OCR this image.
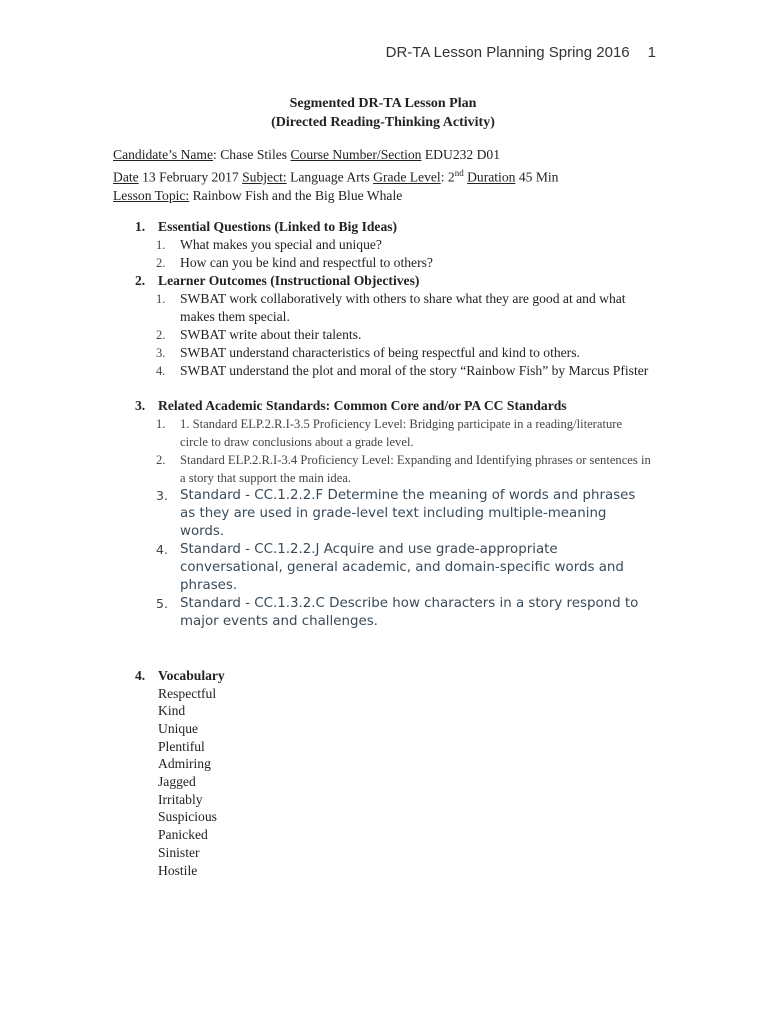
DR-TA Lesson Planning Spring 2016 1
Segmented DR-TA Lesson Plan
(Directed Reading-Thinking Activity)
Candidate’s Name: Chase Stiles Course Number/Section EDU232 D01
Date 13 February 2017 Subject: Language Arts Grade Level: 2nd Duration 45 Min
Lesson Topic: Rainbow Fish and the Big Blue Whale
1. Essential Questions (Linked to Big Ideas)
1. What makes you special and unique?
2. How can you be kind and respectful to others?
2. Learner Outcomes (Instructional Objectives)
1. SWBAT work collaboratively with others to share what they are good at and what makes them special.
2. SWBAT write about their talents.
3. SWBAT understand characteristics of being respectful and kind to others.
4. SWBAT understand the plot and moral of the story “Rainbow Fish” by Marcus Pfister
3. Related Academic Standards: Common Core and/or PA CC Standards
1. 1. Standard ELP.2.R.I-3.5 Proficiency Level: Bridging participate in a reading/literature circle to draw conclusions about a grade level.
2. Standard ELP.2.R.I-3.4 Proficiency Level: Expanding and Identifying phrases or sentences in a story that support the main idea.
3. Standard - CC.1.2.2.F Determine the meaning of words and phrases as they are used in grade-level text including multiple-meaning words.
4. Standard - CC.1.2.2.J Acquire and use grade-appropriate conversational, general academic, and domain-specific words and phrases.
5. Standard - CC.1.3.2.C Describe how characters in a story respond to major events and challenges.
4. Vocabulary
Respectful
Kind
Unique
Plentiful
Admiring
Jagged
Irritably
Suspicious
Panicked
Sinister
Hostile
